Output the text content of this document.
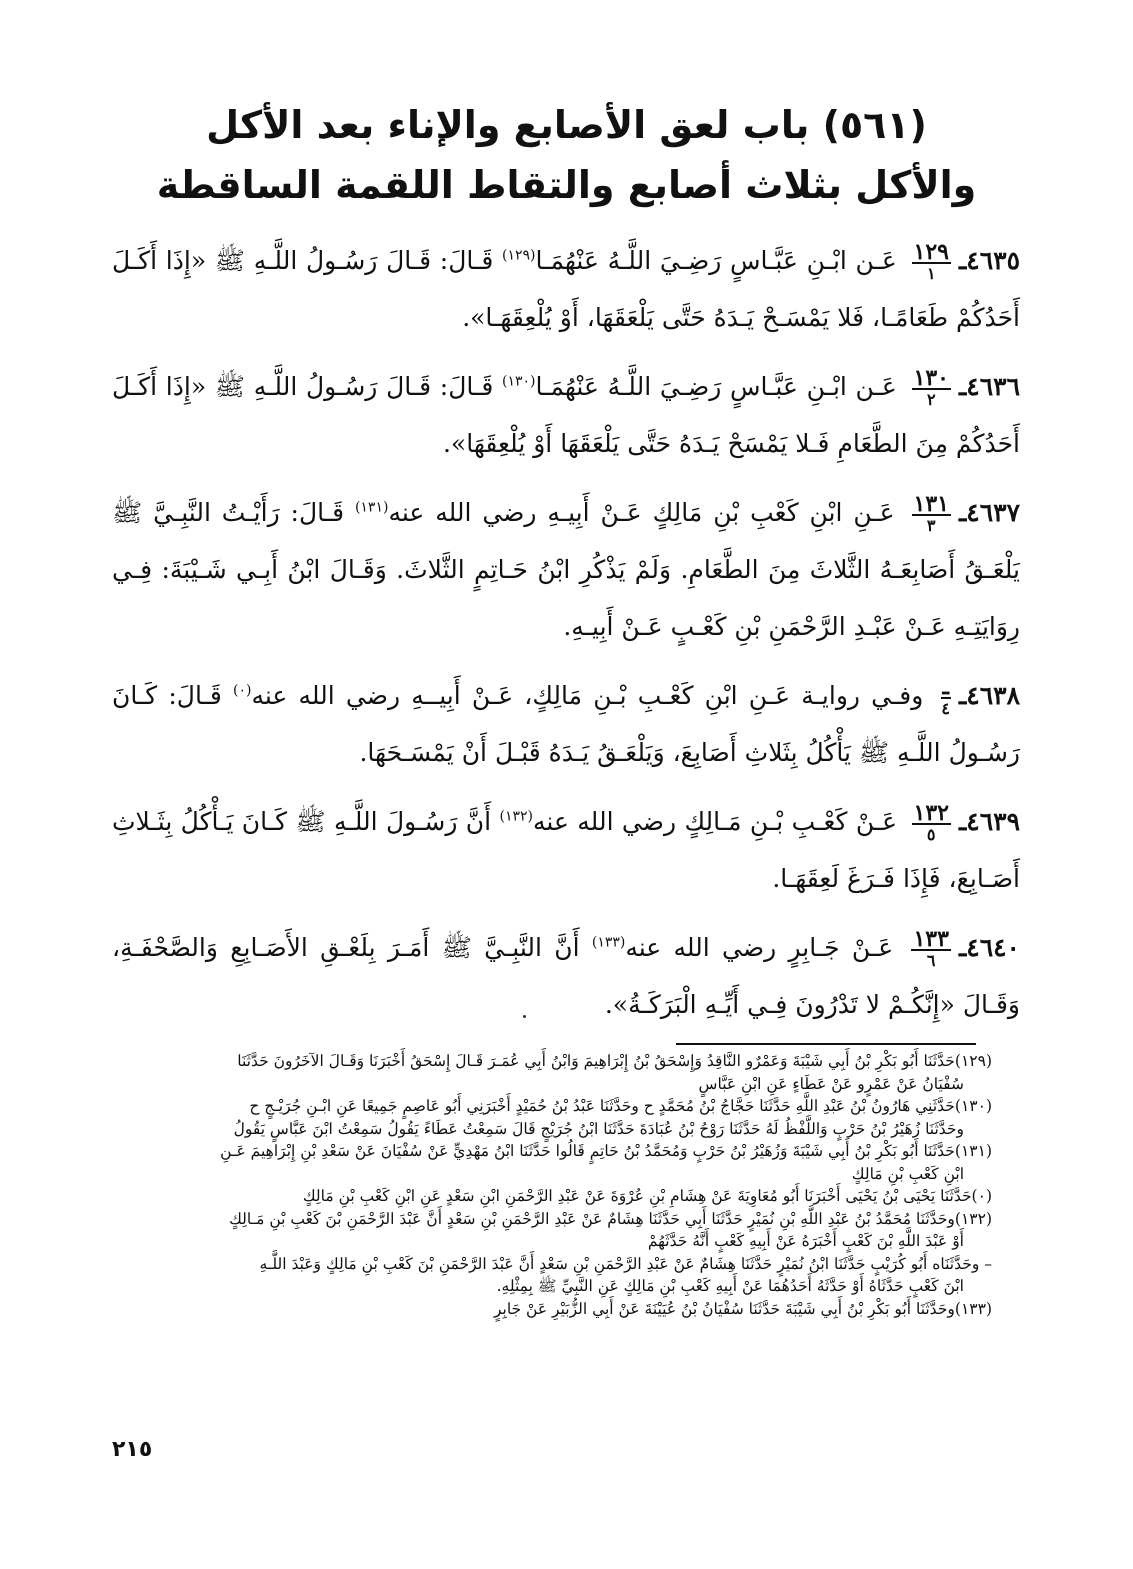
(٥٦١) باب لعق الأصابع والإناء بعد الأكل
والأكل بثلاث أصابع والتقاط اللقمة الساقطة

٤٦٣٥ـ
$\frac{١٢٩}{١}$
عَـن ابْـنِ عَبَّـاسٍ رَضِـيَ اللَّـهُ عَنْهُمَـا$^{(١٢٩)}$ قَـالَ: قَـالَ رَسُـولُ اللَّـهِ ﷺ «إِذَا أَكَـلَ أَحَدُكُمْ طَعَامًـا، فَلا يَمْسَـحْ يَـدَهُ حَتَّى يَلْعَقَهَا، أَوْ يُلْعِقَهَـا».

٤٦٣٦ـ
$\frac{١٣٠}{٢}$
عَـن ابْـنِ عَبَّـاسٍ رَضِـيَ اللَّـهُ عَنْهُمَـا$^{(١٣٠)}$ قَـالَ: قَـالَ رَسُـولُ اللَّـهِ ﷺ «إِذَا أَكَـلَ أَحَدُكُمْ مِنَ الطَّعَامِ فَـلا يَمْسَحْ يَـدَهُ حَتَّى يَلْعَقَهَا أَوْ يُلْعِقَهَا».

٤٦٣٧ـ
$\frac{١٣١}{٣}$
عَـنِ ابْنِ كَعْبِ بْنِ مَالِكٍ عَـنْ أَبِيـهِ رضي الله عنه$^{(١٣١)}$ قَـالَ: رَأَيْـتُ النَّبِـيَّ ﷺ يَلْعَـقُ أَصَابِعَـهُ الثَّلاثَ مِنَ الطَّعَامِ. وَلَمْ يَذْكُرِ ابْنُ حَـاتِمٍ الثَّلاثَ. وَقَـالَ ابْنُ أَبِـي شَـيْبَةَ: فِـي رِوَايَتِـهِ عَـنْ عَبْـدِ الرَّحْمَنِ بْنِ كَعْـبٍ عَـنْ أَبِيـهِ.

٤٦٣٨ـ
$\frac{\text{ـ}}{٤}$
وفـي روايـة عَـنِ ابْنِ كَعْـبِ بْـنِ مَالِكٍ، عَـنْ أَبِيــهِ رضي الله عنه$^{(٠)}$ قَـالَ: كَـانَ رَسُـولُ اللَّـهِ ﷺ يَأْكُلُ بِثَلاثِ أَصَابِعَ، وَيَلْعَـقُ يَـدَهُ قَبْـلَ أَنْ يَمْسَـحَهَا.

٤٦٣٩ـ
$\frac{١٣٢}{٥}$
عَـنْ كَعْـبِ بْـنِ مَـالِكٍ رضي الله عنه$^{(١٣٢)}$ أَنَّ رَسُـولَ اللَّـهِ ﷺ كَـانَ يَـأْكُلُ بِثَـلاثِ أَصَـابِعَ، فَإِذَا فَـرَغَ لَعِقَهَـا.

٤٦٤٠ـ
$\frac{١٣٣}{٦}$
عَـنْ جَـابِرٍ رضي الله عنه$^{(١٣٣)}$ أَنَّ النَّبِـيَّ ﷺ أَمَـرَ بِلَعْـقِ الأَصَـابِعِ وَالصَّحْفَـةِ، وَقَـالَ «إِنَّكُـمْ لا تَدْرُونَ فِـي أَيِّـهِ الْبَرَكَـةُ».

(١٢٩)حَدَّثَنَا أَبُو بَكْرِ بْنُ أَبِي شَيْبَةَ وَعَمْرٌو النَّاقِدُ وَإِسْحَقُ بْنُ إِبْرَاهِيمَ وَابْنُ أَبِي عُمَـرَ قَـالَ إِسْحَقُ أَخْبَرَنَا وَقَـالَ الآخَرُونَ حَدَّثَنَا
سُفْيَانُ عَنْ عَمْرٍو عَنْ عَطَاءٍ عَنِ ابْنِ عَبَّاسٍ
(١٣٠)حَدَّثَنِي هَارُونُ بْنُ عَبْدِ اللَّهِ حَدَّثَنَا حَجَّاجُ بْنُ مُحَمَّدٍ ح وحَدَّثَنَا عَبْدُ بْنُ حُمَيْدٍ أَخْبَرَنِي أَبُو عَاصِمٍ جَمِيعًا عَنِ ابْـنِ جُرَيْـجٍ ح
وحَدَّثَنَا زُهَيْرُ بْنُ حَرْبٍ وَاللَّفْظُ لَهُ حَدَّثَنَا رَوْحُ بْنُ عُبَادَةَ حَدَّثَنَا ابْنُ جُرَيْجٍ قَالَ سَمِعْتُ عَطَاءً يَقُولُ سَمِعْتُ ابْنَ عَبَّاسٍ يَقُولُ
(١٣١)حَدَّثَنَا أَبُو بَكْرِ بْنُ أَبِي شَيْبَةَ وَزُهَيْرُ بْنُ حَرْبٍ وَمُحَمَّدُ بْنُ حَاتِمٍ قَالُوا حَدَّثَنَا ابْنُ مَهْدِيٍّ عَنْ سُفْيَانَ عَنْ سَعْدِ بْنِ إِبْرَاهِيمَ عَـنِ
ابْنِ كَعْبِ بْنِ مَالِكٍ
(٠)حَدَّثَنَا يَحْيَى بْنُ يَحْيَى أَخْبَرَنَا أَبُو مُعَاوِيَةَ عَنْ هِشَامِ بْنِ عُرْوَةَ عَنْ عَبْدِ الرَّحْمَنِ ابْنِ سَعْدٍ عَنِ ابْنِ كَعْبِ بْنِ مَالِكٍ
(١٣٢)وحَدَّثَنَا مُحَمَّدُ بْنُ عَبْدِ اللَّهِ بْنِ نُمَيْرٍ حَدَّثَنَا أَبِي حَدَّثَنَا هِشَامٌ عَنْ عَبْدِ الرَّحْمَنِ بْنِ سَعْدٍ أَنَّ عَبْدَ الرَّحْمَنِ بْنَ كَعْبِ بْنِ مَـالِكٍ
أَوْ عَبْدَ اللَّهِ بْنَ كَعْبٍ أَخْبَرَهُ عَنْ أَبِيهِ كَعْبٍ أَنَّهُ حَدَّثَهُمْ
– وحَدَّثَنَاه أَبُو كُرَيْبٍ حَدَّثَنَا ابْنُ نُمَيْرٍ حَدَّثَنَا هِشَامٌ عَنْ عَبْدِ الرَّحْمَنِ بْنِ سَعْدٍ أَنَّ عَبْدَ الرَّحْمَنِ بْنَ كَعْبِ بْنِ مَالِكٍ وَعَبْدَ اللَّـهِ
ابْنَ كَعْبٍ حَدَّثَاهُ أَوْ حَدَّثَهُ أَحَدُهُمَا عَنْ أَبِيهِ كَعْبِ بْنِ مَالِكٍ عَنِ النَّبِيِّ ﷺ بِمِثْلِهِ.
(١٣٣)وحَدَّثَنَا أَبُو بَكْرِ بْنُ أَبِي شَيْبَةَ حَدَّثَنَا سُفْيَانُ بْنُ عُيَيْنَةَ عَنْ أَبِي الزُّبَيْرِ عَنْ جَابِرٍ
٢١٥
